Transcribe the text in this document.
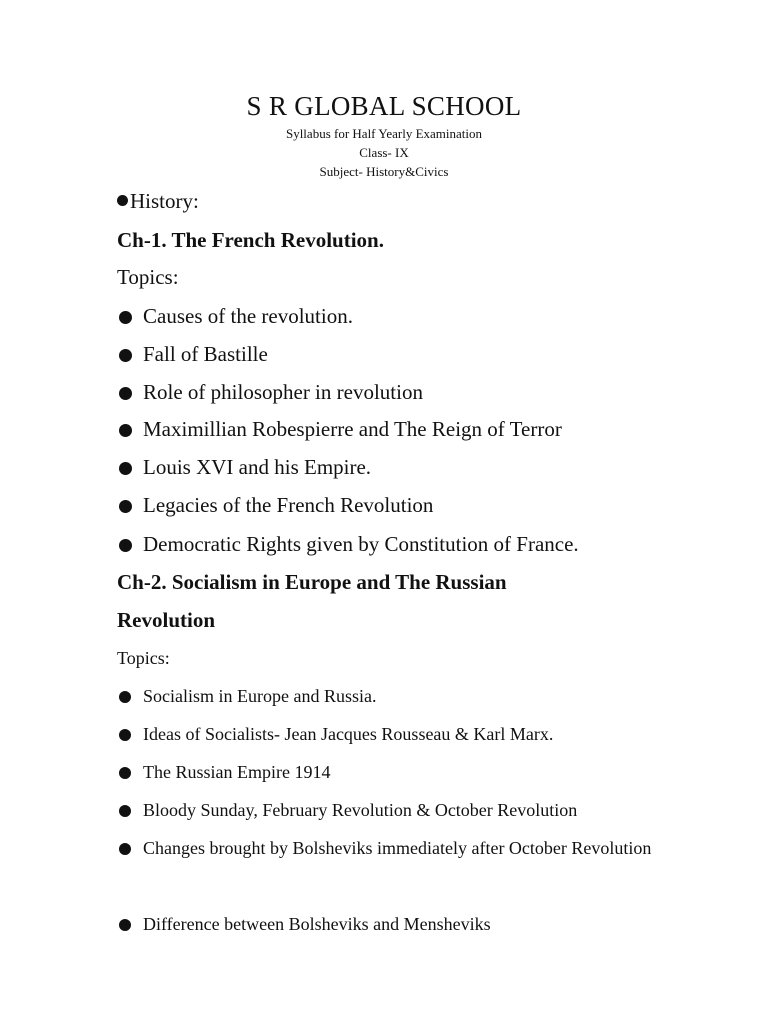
S R GLOBAL SCHOOL
Syllabus for Half Yearly Examination
Class- IX
Subject- History&Civics
History:
Ch-1. The French Revolution.
Topics:
Causes of the revolution.
Fall of Bastille
Role of philosopher in revolution
Maximillian Robespierre and The Reign of Terror
Louis XVI and his Empire.
Legacies of the French Revolution
Democratic Rights given by Constitution of France.
Ch-2. Socialism in Europe and The Russian
Revolution
Topics:
Socialism in Europe and Russia.
Ideas of Socialists- Jean Jacques Rousseau & Karl Marx.
The Russian Empire 1914
Bloody Sunday, February Revolution & October Revolution
Changes brought by Bolsheviks immediately after October Revolution
Difference between Bolsheviks and Mensheviks
